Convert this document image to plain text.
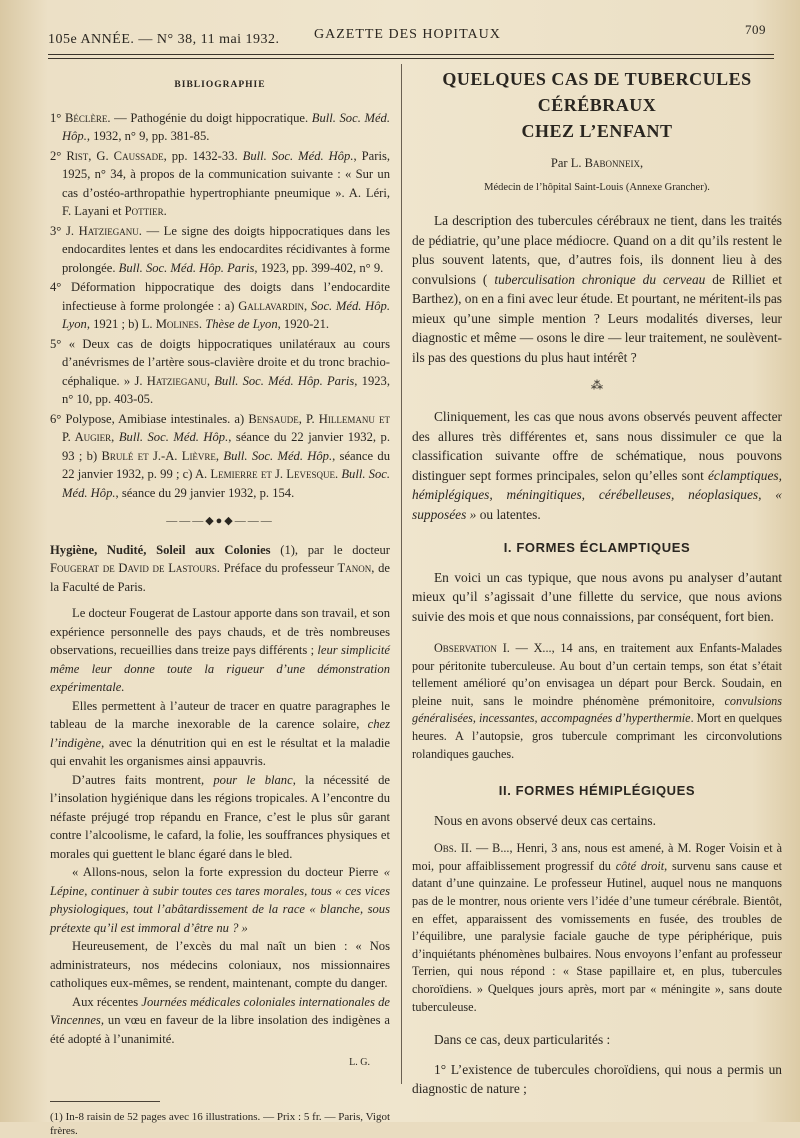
105e ANNÉE. — N° 38, 11 mai 1932. GAZETTE DES HOPITAUX	709
BIBLIOGRAPHIE

1° Béclère. — Pathogénie du doigt hippocratique. Bull. Soc. Méd. Hôp., 1932, n° 9, pp. 381-85.

2° Rist, G. Caussade, pp. 1432-33. Bull. Soc. Méd. Hôp., Paris, 1925, n° 34, à propos de la communication suivante : « Sur un cas d’ostéo-arthropathie hypertrophiante pneumique ». A. Léri, F. Layani et Pottier.

3° J. Hatzieganu. — Le signe des doigts hippocratiques dans les endocardites lentes et dans les endocardites récidivantes à forme prolongée. Bull. Soc. Méd. Hôp. Paris, 1923, pp. 399-402, n° 9.

4° Déformation hippocratique des doigts dans l’endocardite infectieuse à forme prolongée : a) Gallavardin, Soc. Méd. Hôp. Lyon, 1921 ; b) L. Molines. Thèse de Lyon, 1920-21.

5° « Deux cas de doigts hippocratiques unilatéraux au cours d’anévrismes de l’artère sous-clavière droite et du tronc brachio-céphalique. » J. Hatzieganu, Bull. Soc. Méd. Hôp. Paris, 1923, n° 10, pp. 403-05.

6° Polypose, Amibiase intestinales. a) Bensaude, P. Hillemanu et P. Augier, Bull. Soc. Méd. Hôp., séance du 22 janvier 1932, p. 93 ; b) Brulé et J.-A. Lièvre, Bull. Soc. Méd. Hôp., séance du 22 janvier 1932, p. 99 ; c) A. Lemierre et J. Levesque. Bull. Soc. Méd. Hôp., séance du 29 janvier 1932, p. 154.

———◆●◆———

Hygiène, Nudité, Soleil aux Colonies (1), par le docteur Fougerat de David de Lastours. Préface du professeur Tanon, de la Faculté de Paris.

Le docteur Fougerat de Lastour apporte dans son travail, et son expérience personnelle des pays chauds, et de très nombreuses observations, recueillies dans treize pays différents ; leur simplicité même leur donne toute la rigueur d’une démonstration expérimentale.

Elles permettent à l’auteur de tracer en quatre paragraphes le tableau de la marche inexorable de la carence solaire, chez l’indigène, avec la dénutrition qui en est le résultat et la maladie qui envahit les organismes ainsi appauvris.

D’autres faits montrent, pour le blanc, la nécessité de l’insolation hygiénique dans les régions tropicales. A l’encontre du néfaste préjugé trop répandu en France, c’est le plus sûr garant contre l’alcoolisme, le cafard, la folie, les souffrances physiques et morales qui guettent le blanc égaré dans le bled.

« Allons-nous, selon la forte expression du docteur Pierre « Lépine, continuer à subir toutes ces tares morales, tous « ces vices physiologiques, tout l’abâtardissement de la race « blanche, sous prétexte qu’il est immoral d’être nu ? »

Heureusement, de l’excès du mal naît un bien : « Nos administrateurs, nos médecins coloniaux, nos missionnaires catholiques eux-mêmes, se rendent, maintenant, compte du danger.

Aux récentes Journées médicales coloniales internationales de Vincennes, un vœu en faveur de la libre insolation des indigènes a été adopté à l’unanimité.

L. G.

(1) In-8 raisin de 52 pages avec 16 illustrations. — Prix : 5 fr. — Paris, Vigot frères.

QUELQUES CAS DE TUBERCULES CÉRÉBRAUX
CHEZ L’ENFANT
Par L. Babonneix,
Médecin de l’hôpital Saint-Louis (Annexe Grancher).

La description des tubercules cérébraux ne tient, dans les traités de pédiatrie, qu’une place médiocre. Quand on a dit qu’ils restent le plus souvent latents, que, d’autres fois, ils donnent lieu à des convulsions ( tuberculisation chronique du cerveau de Rilliet et Barthez), on en a fini avec leur étude. Et pourtant, ne méritent-ils pas mieux qu’une simple mention ? Leurs modalités diverses, leur diagnostic et même — osons le dire — leur traitement, ne soulèvent-ils pas des questions du plus haut intérêt ?

⁂

Cliniquement, les cas que nous avons observés peuvent affecter des allures très différentes et, sans nous dissimuler ce que la classification suivante offre de schématique, nous pouvons distinguer sept formes principales, selon qu’elles sont éclamptiques, hémiplégiques, méningitiques, cérébelleuses, néoplasiques, « supposées » ou latentes.

I. FORMES ÉCLAMPTIQUES

En voici un cas typique, que nous avons pu analyser d’autant mieux qu’il s’agissait d’une fillette du service, que nous avions suivie des mois et que nous connaissions, par conséquent, fort bien.

Observation I. — X..., 14 ans, en traitement aux Enfants-Malades pour péritonite tuberculeuse. Au bout d’un certain temps, son état s’était tellement amélioré qu’on envisagea un départ pour Berck. Soudain, en pleine nuit, sans le moindre phénomène prémonitoire, convulsions généralisées, incessantes, accompagnées d’hyperthermie. Mort en quelques heures. A l’autopsie, gros tubercule comprimant les circonvolutions rolandiques gauches.

II. FORMES HÉMIPLÉGIQUES

Nous en avons observé deux cas certains.

Obs. II. — B..., Henri, 3 ans, nous est amené, à M. Roger Voisin et à moi, pour affaiblissement progressif du côté droit, survenu sans cause et datant d’une quinzaine. Le professeur Hutinel, auquel nous ne manquons pas de le montrer, nous oriente vers l’idée d’une tumeur cérébrale. Bientôt, en effet, apparaissent des vomissements en fusée, des troubles de l’équilibre, une paralysie faciale gauche de type périphérique, puis d’inquiétants phénomènes bulbaires. Nous envoyons l’enfant au professeur Terrien, qui nous répond : « Stase papillaire et, en plus, tubercules choroïdiens. » Quelques jours après, mort par « méningite », sans doute tuberculeuse.

Dans ce cas, deux particularités :

1° L’existence de tubercules choroïdiens, qui nous a permis un diagnostic de nature ;
